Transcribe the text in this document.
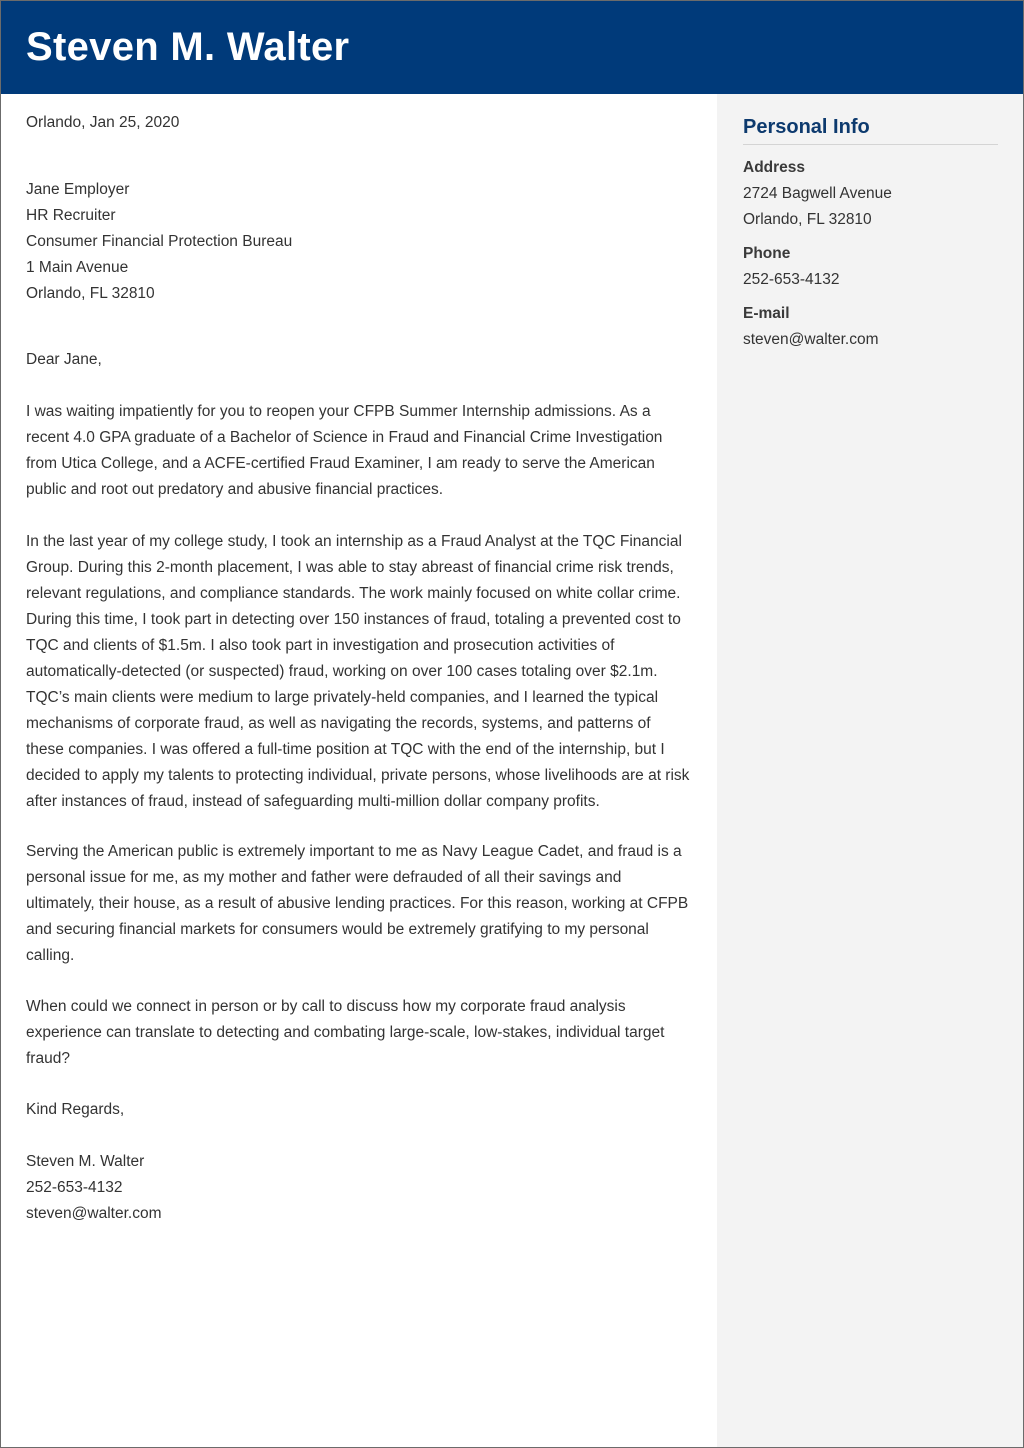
Steven M. Walter

Orlando, Jan 25, 2020

Jane Employer
HR Recruiter
Consumer Financial Protection Bureau
1 Main Avenue
Orlando, FL 32810

Dear Jane,

I was waiting impatiently for you to reopen your CFPB Summer Internship admissions. As a
recent 4.0 GPA graduate of a Bachelor of Science in Fraud and Financial Crime Investigation
from Utica College, and a ACFE-certified Fraud Examiner, I am ready to serve the American
public and root out predatory and abusive financial practices.
In the last year of my college study, I took an internship as a Fraud Analyst at the TQC Financial
Group. During this 2-month placement, I was able to stay abreast of financial crime risk trends,
relevant regulations, and compliance standards. The work mainly focused on white collar crime.
During this time, I took part in detecting over 150 instances of fraud, totaling a prevented cost to
TQC and clients of $1.5m. I also took part in investigation and prosecution activities of
automatically-detected (or suspected) fraud, working on over 100 cases totaling over $2.1m.
TQC’s main clients were medium to large privately-held companies, and I learned the typical
mechanisms of corporate fraud, as well as navigating the records, systems, and patterns of
these companies. I was offered a full-time position at TQC with the end of the internship, but I
decided to apply my talents to protecting individual, private persons, whose livelihoods are at risk
after instances of fraud, instead of safeguarding multi-million dollar company profits.
Serving the American public is extremely important to me as Navy League Cadet, and fraud is a
personal issue for me, as my mother and father were defrauded of all their savings and
ultimately, their house, as a result of abusive lending practices. For this reason, working at CFPB
and securing financial markets for consumers would be extremely gratifying to my personal
calling.
When could we connect in person or by call to discuss how my corporate fraud analysis
experience can translate to detecting and combating large-scale, low-stakes, individual target
fraud?

Kind Regards,

Steven M. Walter
252-653-4132
steven@walter.com
Personal Info
Address
2724 Bagwell Avenue
Orlando, FL 32810
Phone
252-653-4132
E-mail
steven@walter.com
